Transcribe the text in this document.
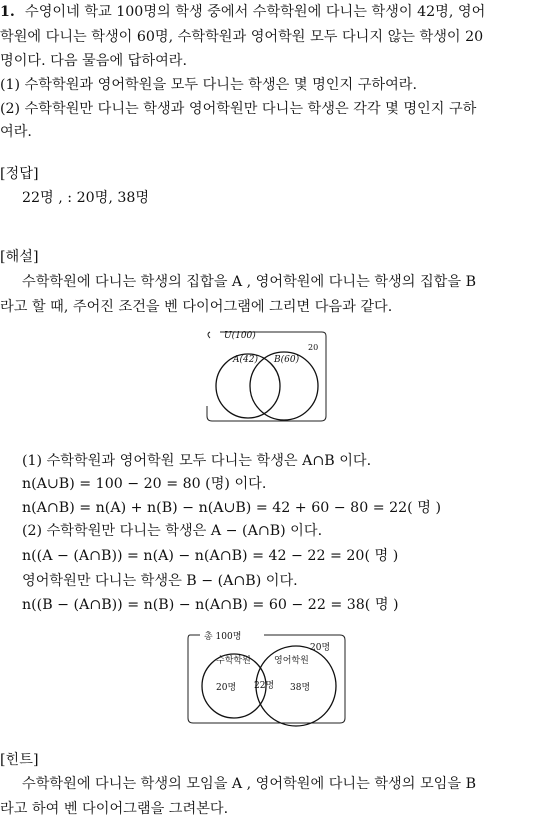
1. 수영이네 학교 100명의 학생 중에서 수학학원에 다니는 학생이 42명, 영어
학원에 다니는 학생이 60명, 수학학원과 영어학원 모두 다니지 않는 학생이 20
명이다. 다음 물음에 답하여라.
(1) 수학학원과 영어학원을 모두 다니는 학생은 몇 명인지 구하여라.
(2) 수학학원만 다니는 학생과 영어학원만 다니는 학생은 각각 몇 명인지 구하
여라.
[정답]
22명 , : 20명, 38명
[해설]
수학학원에 다니는 학생의 집합을 A , 영어학원에 다니는 학생의 집합을 B
라고 할 때, 주어진 조건을 벤 다이어그램에 그리면 다음과 같다.
U(100)
20
A(42) B(60)
(1) 수학학원과 영어학원 모두 다니는 학생은 A∩B 이다.
n(A∪B) = 100 − 20 = 80 (명) 이다.
n(A∩B) = n(A) + n(B) − n(A∪B) = 42 + 60 − 80 = 22( 명 )
(2) 수학학원만 다니는 학생은 A − (A∩B) 이다.
n((A − (A∩B)) = n(A) − n(A∩B) = 42 − 22 = 20( 명 )
영어학원만 다니는 학생은 B − (A∩B) 이다.
n((B − (A∩B)) = n(B) − n(A∩B) = 60 − 22 = 38( 명 )
총 100명
20명
수학학원	영어학원
20명 22명 38명
[힌트]
수학학원에 다니는 학생의 모임을 A , 영어학원에 다니는 학생의 모임을 B
라고 하여 벤 다이어그램을 그려본다.
